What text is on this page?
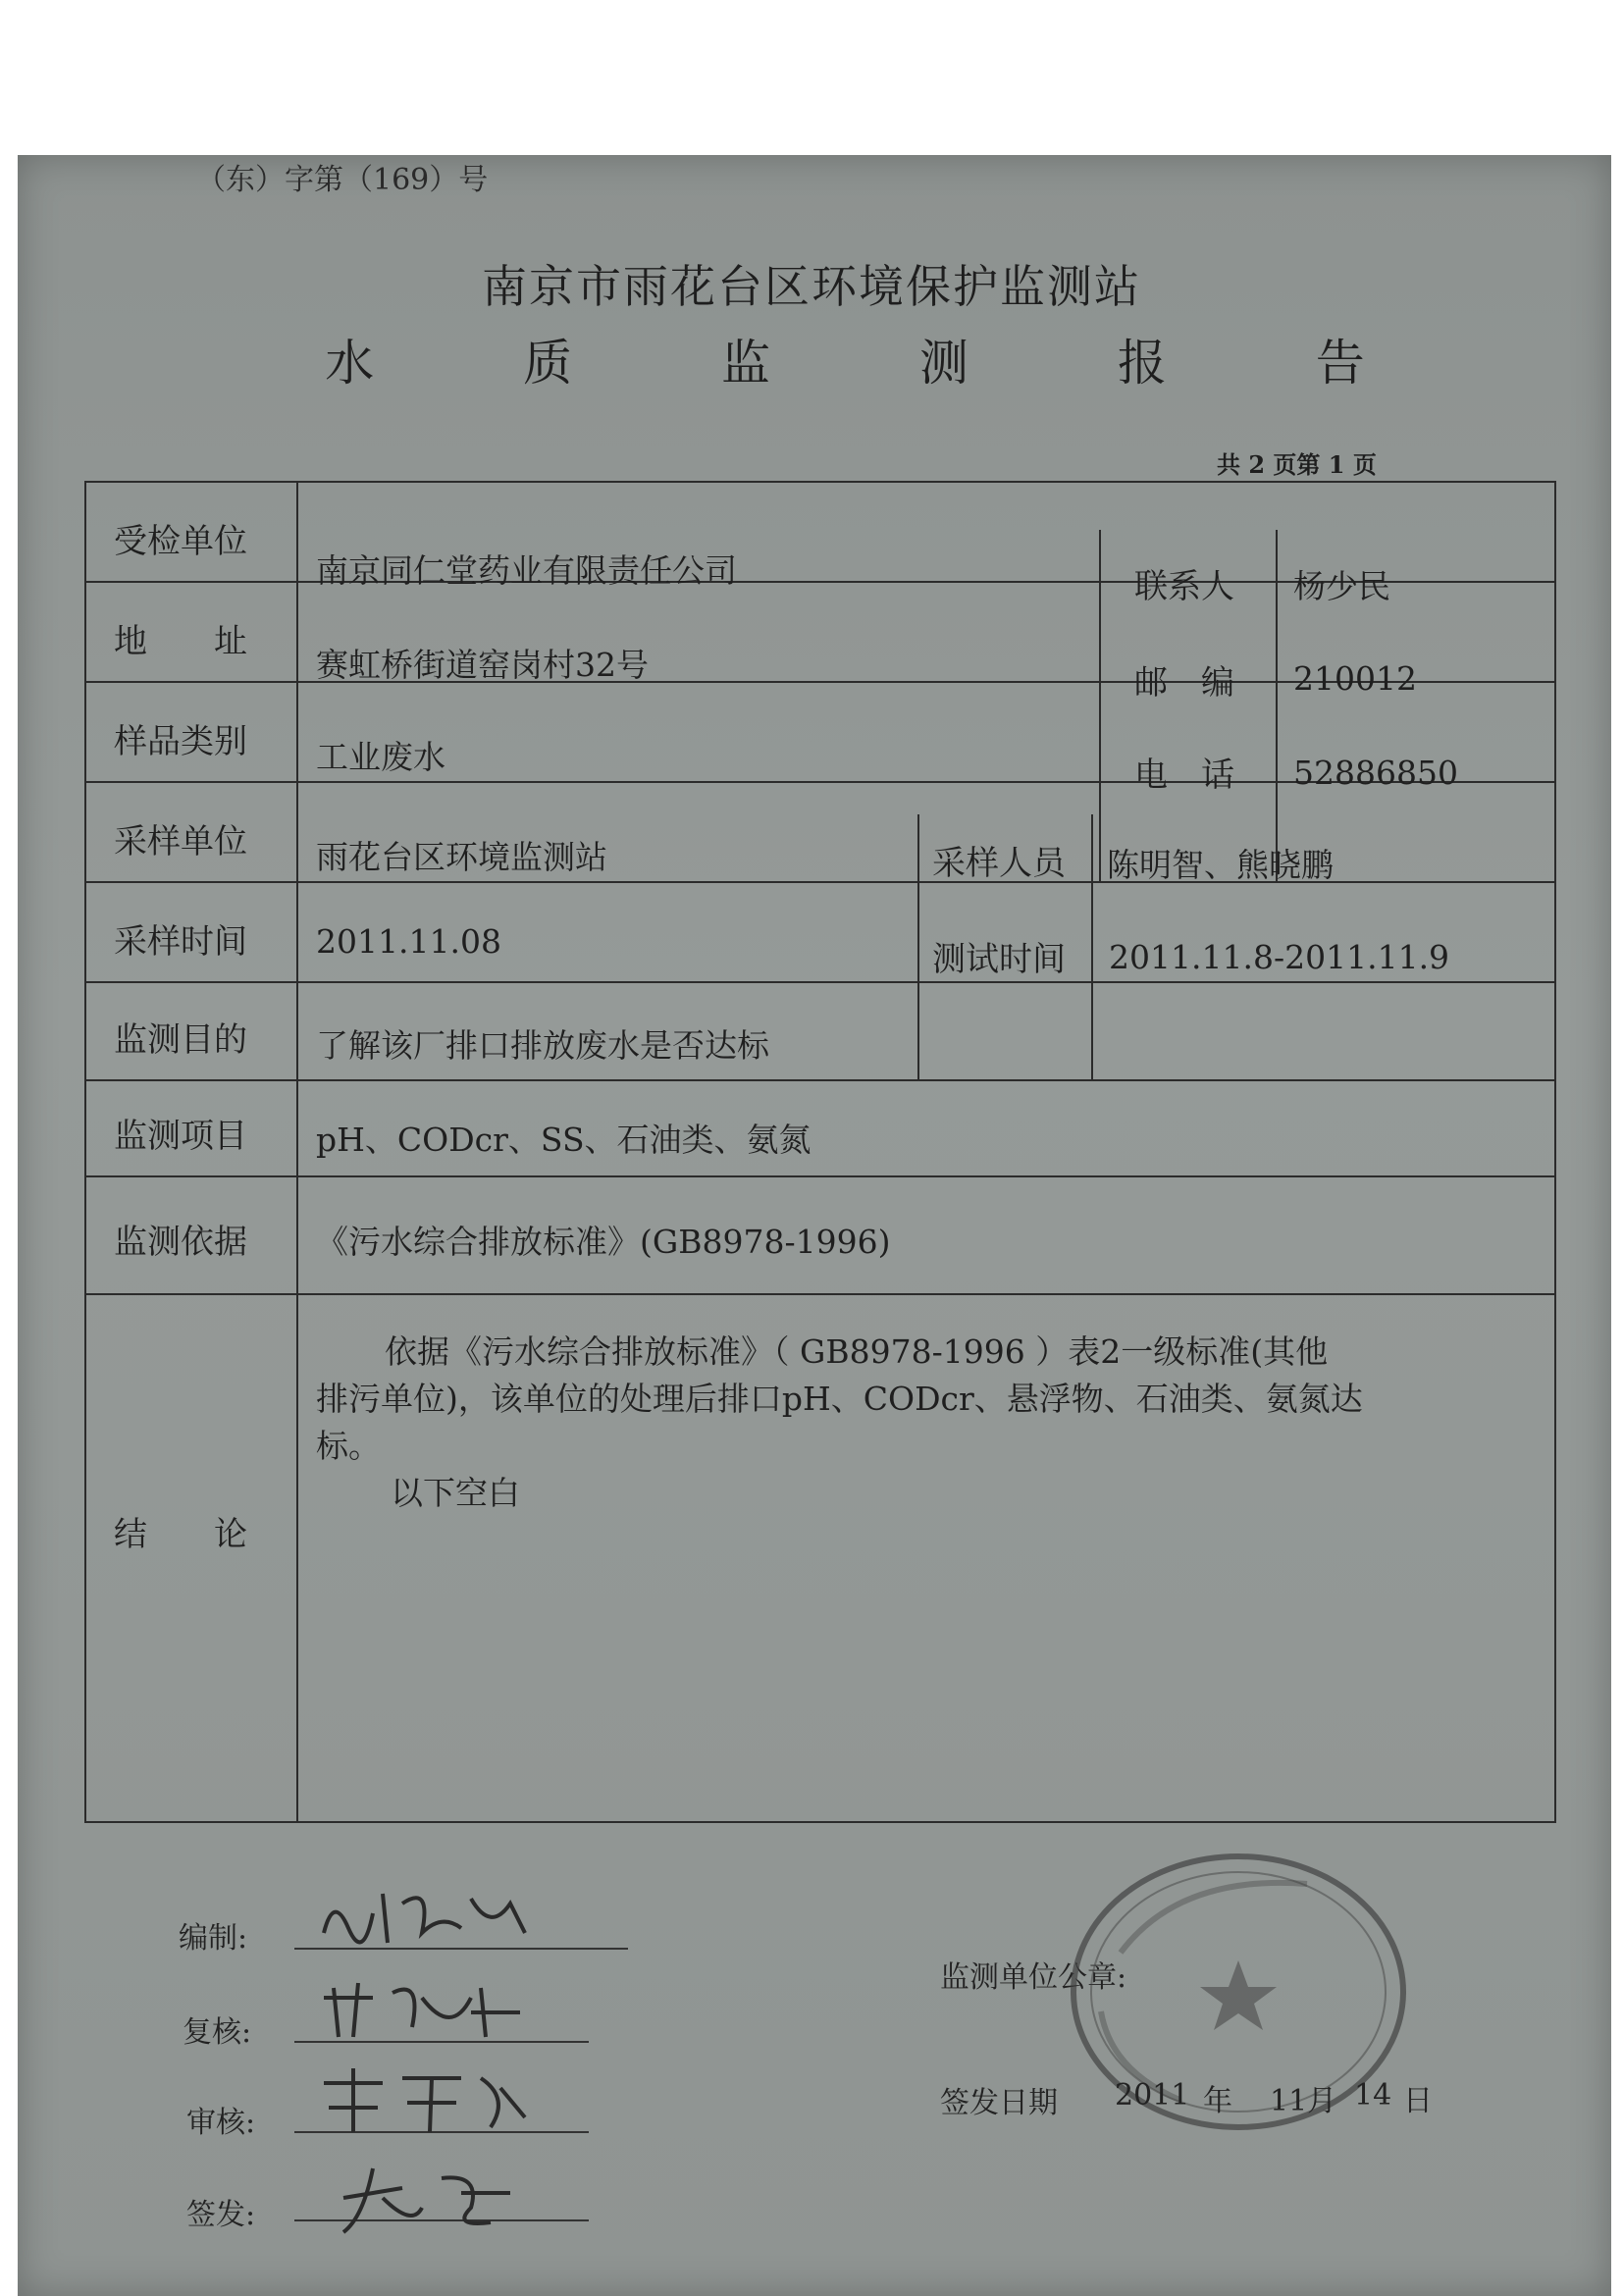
（东）字第（169）号
南京市雨花台区环境保护监测站
水 质 监 测 报 告
共 2 页第 1 页
受检单位
南京同仁堂药业有限责任公司	联系人 杨少民
地　　址
赛虹桥街道窑岗村32号	邮　编 210012
样品类别 工业废水	电　话 52886850
采样单位 雨花台区环境监测站	采样人员 陈明智、熊晓鹏
采样时间 2011.11.08	测试时间 2011.11.8-2011.11.9
监测目的 了解该厂排口排放废水是否达标
监测项目 pH、CODcr、SS、石油类、氨氮
监测依据 《污水综合排放标准》(GB8978-1996)
结　　论
依据《污水综合排放标准》（ GB8978-1996 ）表2一级标准(其他
排污单位)，该单位的处理后排口pH、CODcr、悬浮物、石油类、氨氮达
标。
以下空白
编制:
复核:
审核:
签发:
监测单位公章:
签发日期 2011 年 11月 14 日
